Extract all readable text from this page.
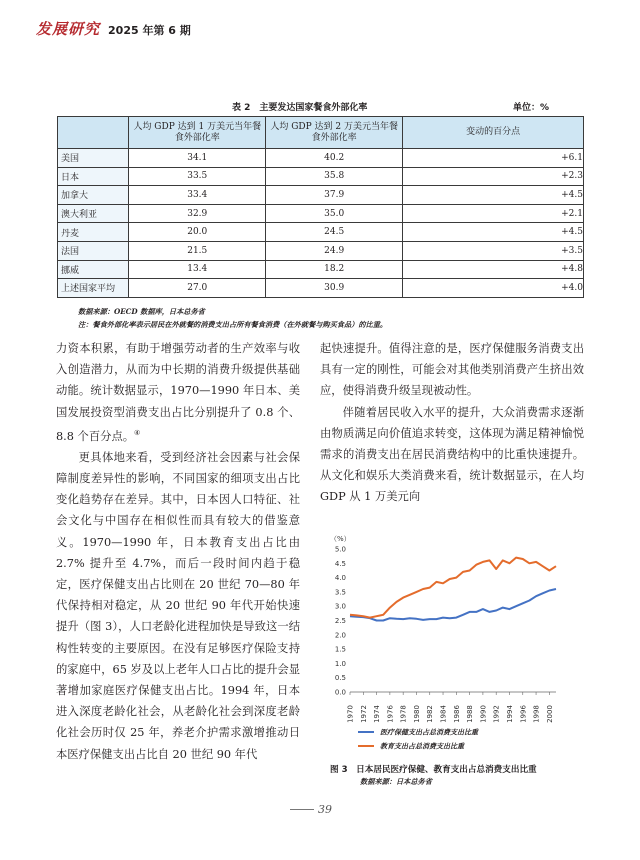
发展研究 2025 年第 6 期
表 2　主要发达国家餐食外部化率	单位：%
	人均 GDP 达到 1 万美元当年餐食外部化率	人均 GDP 达到 2 万美元当年餐食外部化率	变动的百分点
美国	34.1	40.2	+6.1
日本	33.5	35.8	+2.3
加拿大	33.4	37.9	+4.5
澳大利亚	32.9	35.0	+2.1
丹麦	20.0	24.5	+4.5
法国	21.5	24.9	+3.5
挪威	13.4	18.2	+4.8
上述国家平均	27.0	30.9	+4.0
数据来源：OECD 数据库，日本总务省
注：餐食外部化率表示居民在外就餐的消费支出占所有餐食消费（在外就餐与购买食品）的比重。

力资本积累，有助于增强劳动者的生产效率与收入创造潜力，从而为中长期的消费升级提供基础动能。统计数据显示，1970—1990 年日本、美国发展投资型消费支出占比分别提升了 0.8 个、8.8 个百分点。④

更具体地来看，受到经济社会因素与社会保障制度差异性的影响，不同国家的细项支出占比变化趋势存在差异。其中，日本因人口特征、社会文化与中国存在相似性而具有较大的借鉴意义。1970—1990 年，日本教育支出占比由 2.7% 提升至 4.7%，而后一段时间内趋于稳定，医疗保健支出占比则在 20 世纪 70—80 年代保持相对稳定，从 20 世纪 90 年代开始快速提升（图 3），人口老龄化进程加快是导致这一结构性转变的主要原因。在没有足够医疗保险支持的家庭中，65 岁及以上老年人口占比的提升会显著增加家庭医疗保健支出占比。1994 年，日本进入深度老龄化社会，从老龄化社会到深度老龄化社会历时仅 25 年，养老介护需求激增推动日本医疗保健支出占比自 20 世纪 90 年代

起快速提升。值得注意的是，医疗保健服务消费支出具有一定的刚性，可能会对其他类别消费产生挤出效应，使得消费升级呈现被动性。

伴随着居民收入水平的提升，大众消费需求逐渐由物质满足向价值追求转变，这体现为满足精神愉悦需求的消费支出在居民消费结构中的比重快速提升。从文化和娱乐大类消费来看，统计数据显示，在人均 GDP 从 1 万美元向

（%）
0.0
0.5
1.0
1.5
2.0
2.5
3.0
3.5
4.0
4.5
5.0
1970 1972 1974 1976 1978 1980 1982 1984 1986 1988 1990 1992 1994 1996 1998 2000
医疗保健支出占总消费支出比重
教育支出占总消费支出比重
图 3　日本居民医疗保健、教育支出占总消费支出比重
数据来源：日本总务省
39
